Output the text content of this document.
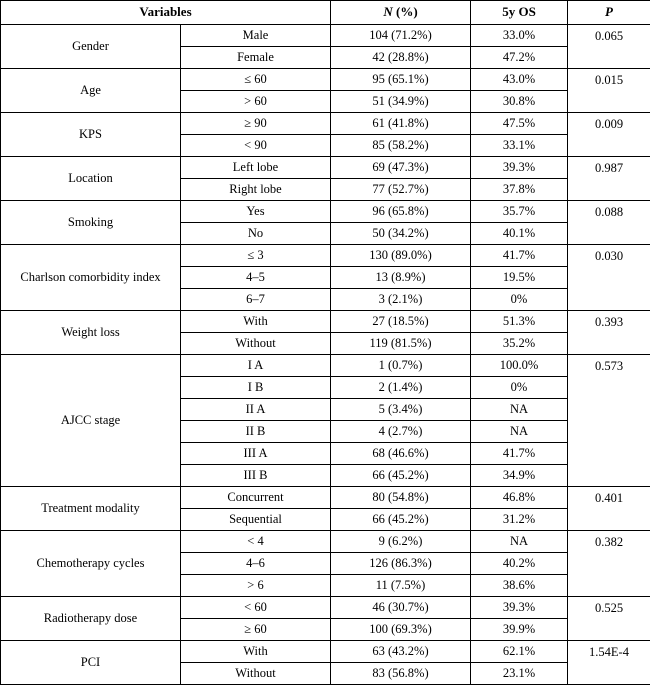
Variables		N (%)	5y OS	P
Gender	Male	104 (71.2%)	33.0%	0.065
	Female	42 (28.8%)	47.2%	
Age	≤ 60	95 (65.1%)	43.0%	0.015
	> 60	51 (34.9%)	30.8%	
KPS	≥ 90	61 (41.8%)	47.5%	0.009
	< 90	85 (58.2%)	33.1%	
Location	Left lobe	69 (47.3%)	39.3%	0.987
	Right lobe	77 (52.7%)	37.8%	
Smoking	Yes	96 (65.8%)	35.7%	0.088
	No	50 (34.2%)	40.1%	
Charlson comorbidity index	≤ 3	130 (89.0%)	41.7%	0.030
	4–5	13 (8.9%)	19.5%	
	6–7	3 (2.1%)	0%	
Weight loss	With	27 (18.5%)	51.3%	0.393
	Without	119 (81.5%)	35.2%	
AJCC stage	I A	1 (0.7%)	100.0%	0.573
	I B	2 (1.4%)	0%	
	II A	5 (3.4%)	NA	
	II B	4 (2.7%)	NA	
	III A	68 (46.6%)	41.7%	
	III B	66 (45.2%)	34.9%	
Treatment modality	Concurrent	80 (54.8%)	46.8%	0.401
	Sequential	66 (45.2%)	31.2%	
Chemotherapy cycles	< 4	9 (6.2%)	NA	0.382
	4–6	126 (86.3%)	40.2%	
	> 6	11 (7.5%)	38.6%	
Radiotherapy dose	< 60	46 (30.7%)	39.3%	0.525
	≥ 60	100 (69.3%)	39.9%	
PCI	With	63 (43.2%)	62.1%	1.54E-4
	Without	83 (56.8%)	23.1%	
